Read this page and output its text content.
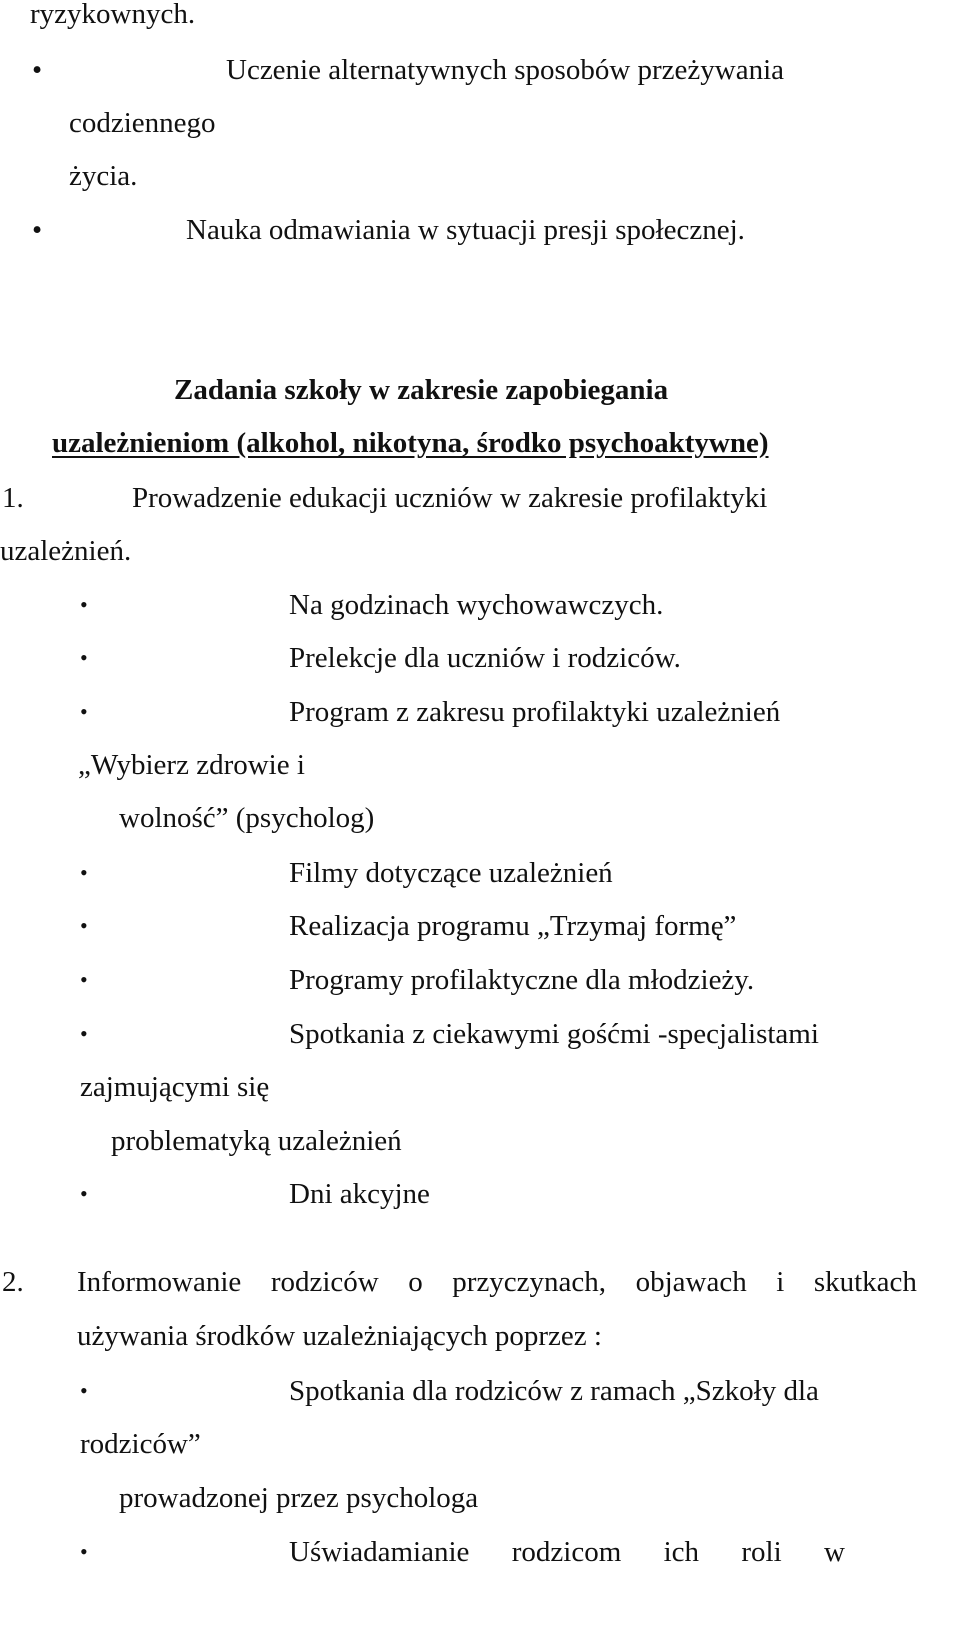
ryzykownych.
•	Uczenie alternatywnych sposobów przeżywania
codziennego
życia.
•	Nauka odmawiania w sytuacji presji społecznej.
Zadania szkoły w zakresie zapobiegania
uzależnieniom (alkohol, nikotyna, środko psychoaktywne)
1.	Prowadzenie edukacji uczniów w zakresie profilaktyki
uzależnień.
•	Na godzinach wychowawczych.
•	Prelekcje dla uczniów i rodziców.
•	Program z zakresu profilaktyki uzależnień
„Wybierz zdrowie i
wolność” (psycholog)
•	Filmy dotyczące uzależnień
•	Realizacja programu „Trzymaj formę”
•	Programy profilaktyczne dla młodzieży.
•	Spotkania z ciekawymi gośćmi -specjalistami
zajmującymi się
problematyką uzależnień
•	Dni akcyjne
2. Informowanie rodziców o przyczynach, objawach i skutkach
używania środków uzależniających poprzez :
•	Spotkania dla rodziców z ramach „Szkoły dla
rodziców”
prowadzonej przez psychologa
•	Uświadamianie rodzicom ich roli w
